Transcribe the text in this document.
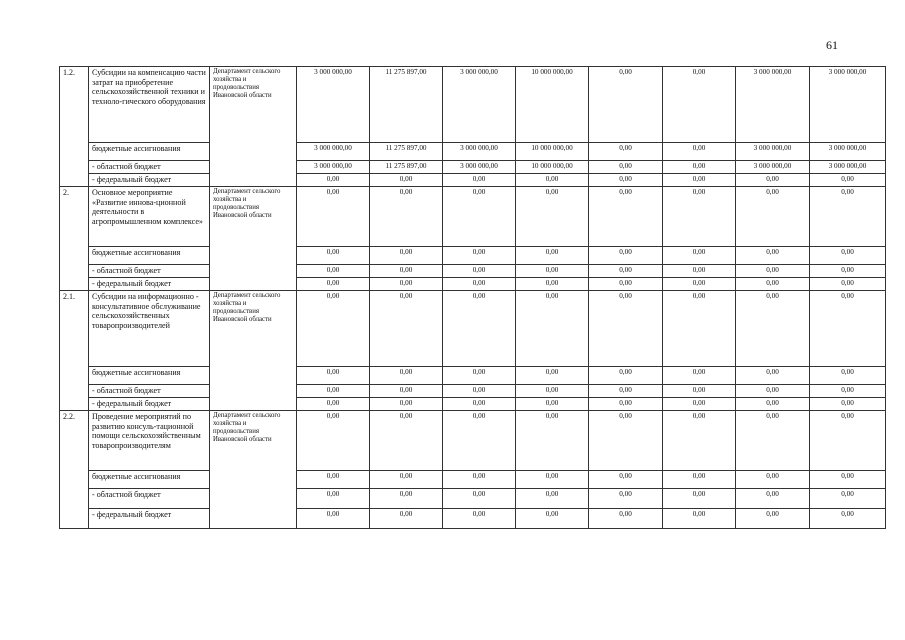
61
1.2.	Субсидии на компенсацию части затрат на приобретение сельскохозяйственной техники и техноло-гического оборудования	Департамент сельского хозяйства и продовольствия Ивановской области	3 000 000,00	11 275 897,00	3 000 000,00	10 000 000,00	0,00	0,00	3 000 000,00	3 000 000,00
	бюджетные ассигнования		3 000 000,00	11 275 897,00	3 000 000,00	10 000 000,00	0,00	0,00	3 000 000,00	3 000 000,00
	- областной бюджет		3 000 000,00	11 275 897,00	3 000 000,00	10 000 000,00	0,00	0,00	3 000 000,00	3 000 000,00
	- федеральный бюджет		0,00	0,00	0,00	0,00	0,00	0,00	0,00	0,00
2.	Основное мероприятие «Развитие иннова-ционной деятельности в агропромышленном комплексе»	Департамент сельского хозяйства и продовольствия Ивановской области	0,00	0,00	0,00	0,00	0,00	0,00	0,00	0,00
	бюджетные ассигнования		0,00	0,00	0,00	0,00	0,00	0,00	0,00	0,00
	- областной бюджет		0,00	0,00	0,00	0,00	0,00	0,00	0,00	0,00
	- федеральный бюджет		0,00	0,00	0,00	0,00	0,00	0,00	0,00	0,00
2.1.	Субсидии на информационно - консультативное обслуживание сельскохозяйственных товаропроизводителей	Департамент сельского хозяйства и продовольствия Ивановской области	0,00	0,00	0,00	0,00	0,00	0,00	0,00	0,00
	бюджетные ассигнования		0,00	0,00	0,00	0,00	0,00	0,00	0,00	0,00
	- областной бюджет		0,00	0,00	0,00	0,00	0,00	0,00	0,00	0,00
	- федеральный бюджет		0,00	0,00	0,00	0,00	0,00	0,00	0,00	0,00
2.2.	Проведение мероприятий по развитию консуль-тационной помощи сельскохозяйственным товаропроизводителям	Департамент сельского хозяйства и продовольствия Ивановской области	0,00	0,00	0,00	0,00	0,00	0,00	0,00	0,00
	бюджетные ассигнования		0,00	0,00	0,00	0,00	0,00	0,00	0,00	0,00
	- областной бюджет		0,00	0,00	0,00	0,00	0,00	0,00	0,00	0,00
	- федеральный бюджет		0,00	0,00	0,00	0,00	0,00	0,00	0,00	0,00
